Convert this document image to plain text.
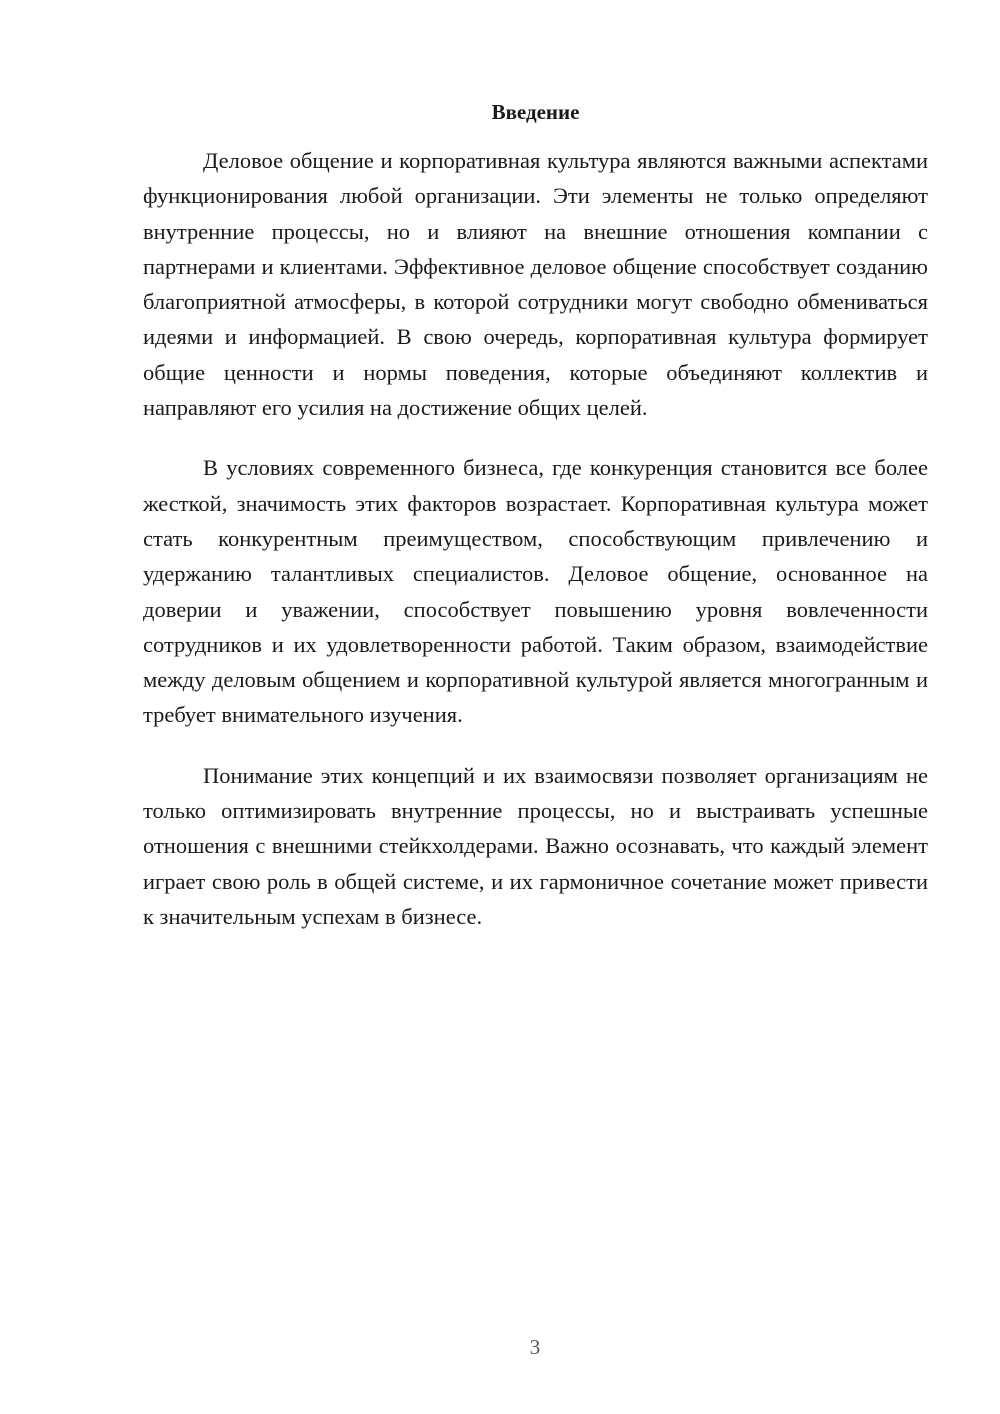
Введение

Деловое общение и корпоративная культура являются важными аспектами функционирования любой организации. Эти элементы не только определяют внутренние процессы, но и влияют на внешние отношения компании с партнерами и клиентами. Эффективное деловое общение способствует созданию благоприятной атмосферы, в которой сотрудники могут свободно обмениваться идеями и информацией. В свою очередь, корпоративная культура формирует общие ценности и нормы поведения, которые объединяют коллектив и направляют его усилия на достижение общих целей.

В условиях современного бизнеса, где конкуренция становится все более жесткой, значимость этих факторов возрастает. Корпоративная культура может стать конкурентным преимуществом, способствующим привлечению и удержанию талантливых специалистов. Деловое общение, основанное на доверии и уважении, способствует повышению уровня вовлеченности сотрудников и их удовлетворенности работой. Таким образом, взаимодействие между деловым общением и корпоративной культурой является многогранным и требует внимательного изучения.

Понимание этих концепций и их взаимосвязи позволяет организациям не только оптимизировать внутренние процессы, но и выстраивать успешные отношения с внешними стейкхолдерами. Важно осознавать, что каждый элемент играет свою роль в общей системе, и их гармоничное сочетание может привести к значительным успехам в бизнесе.

3
